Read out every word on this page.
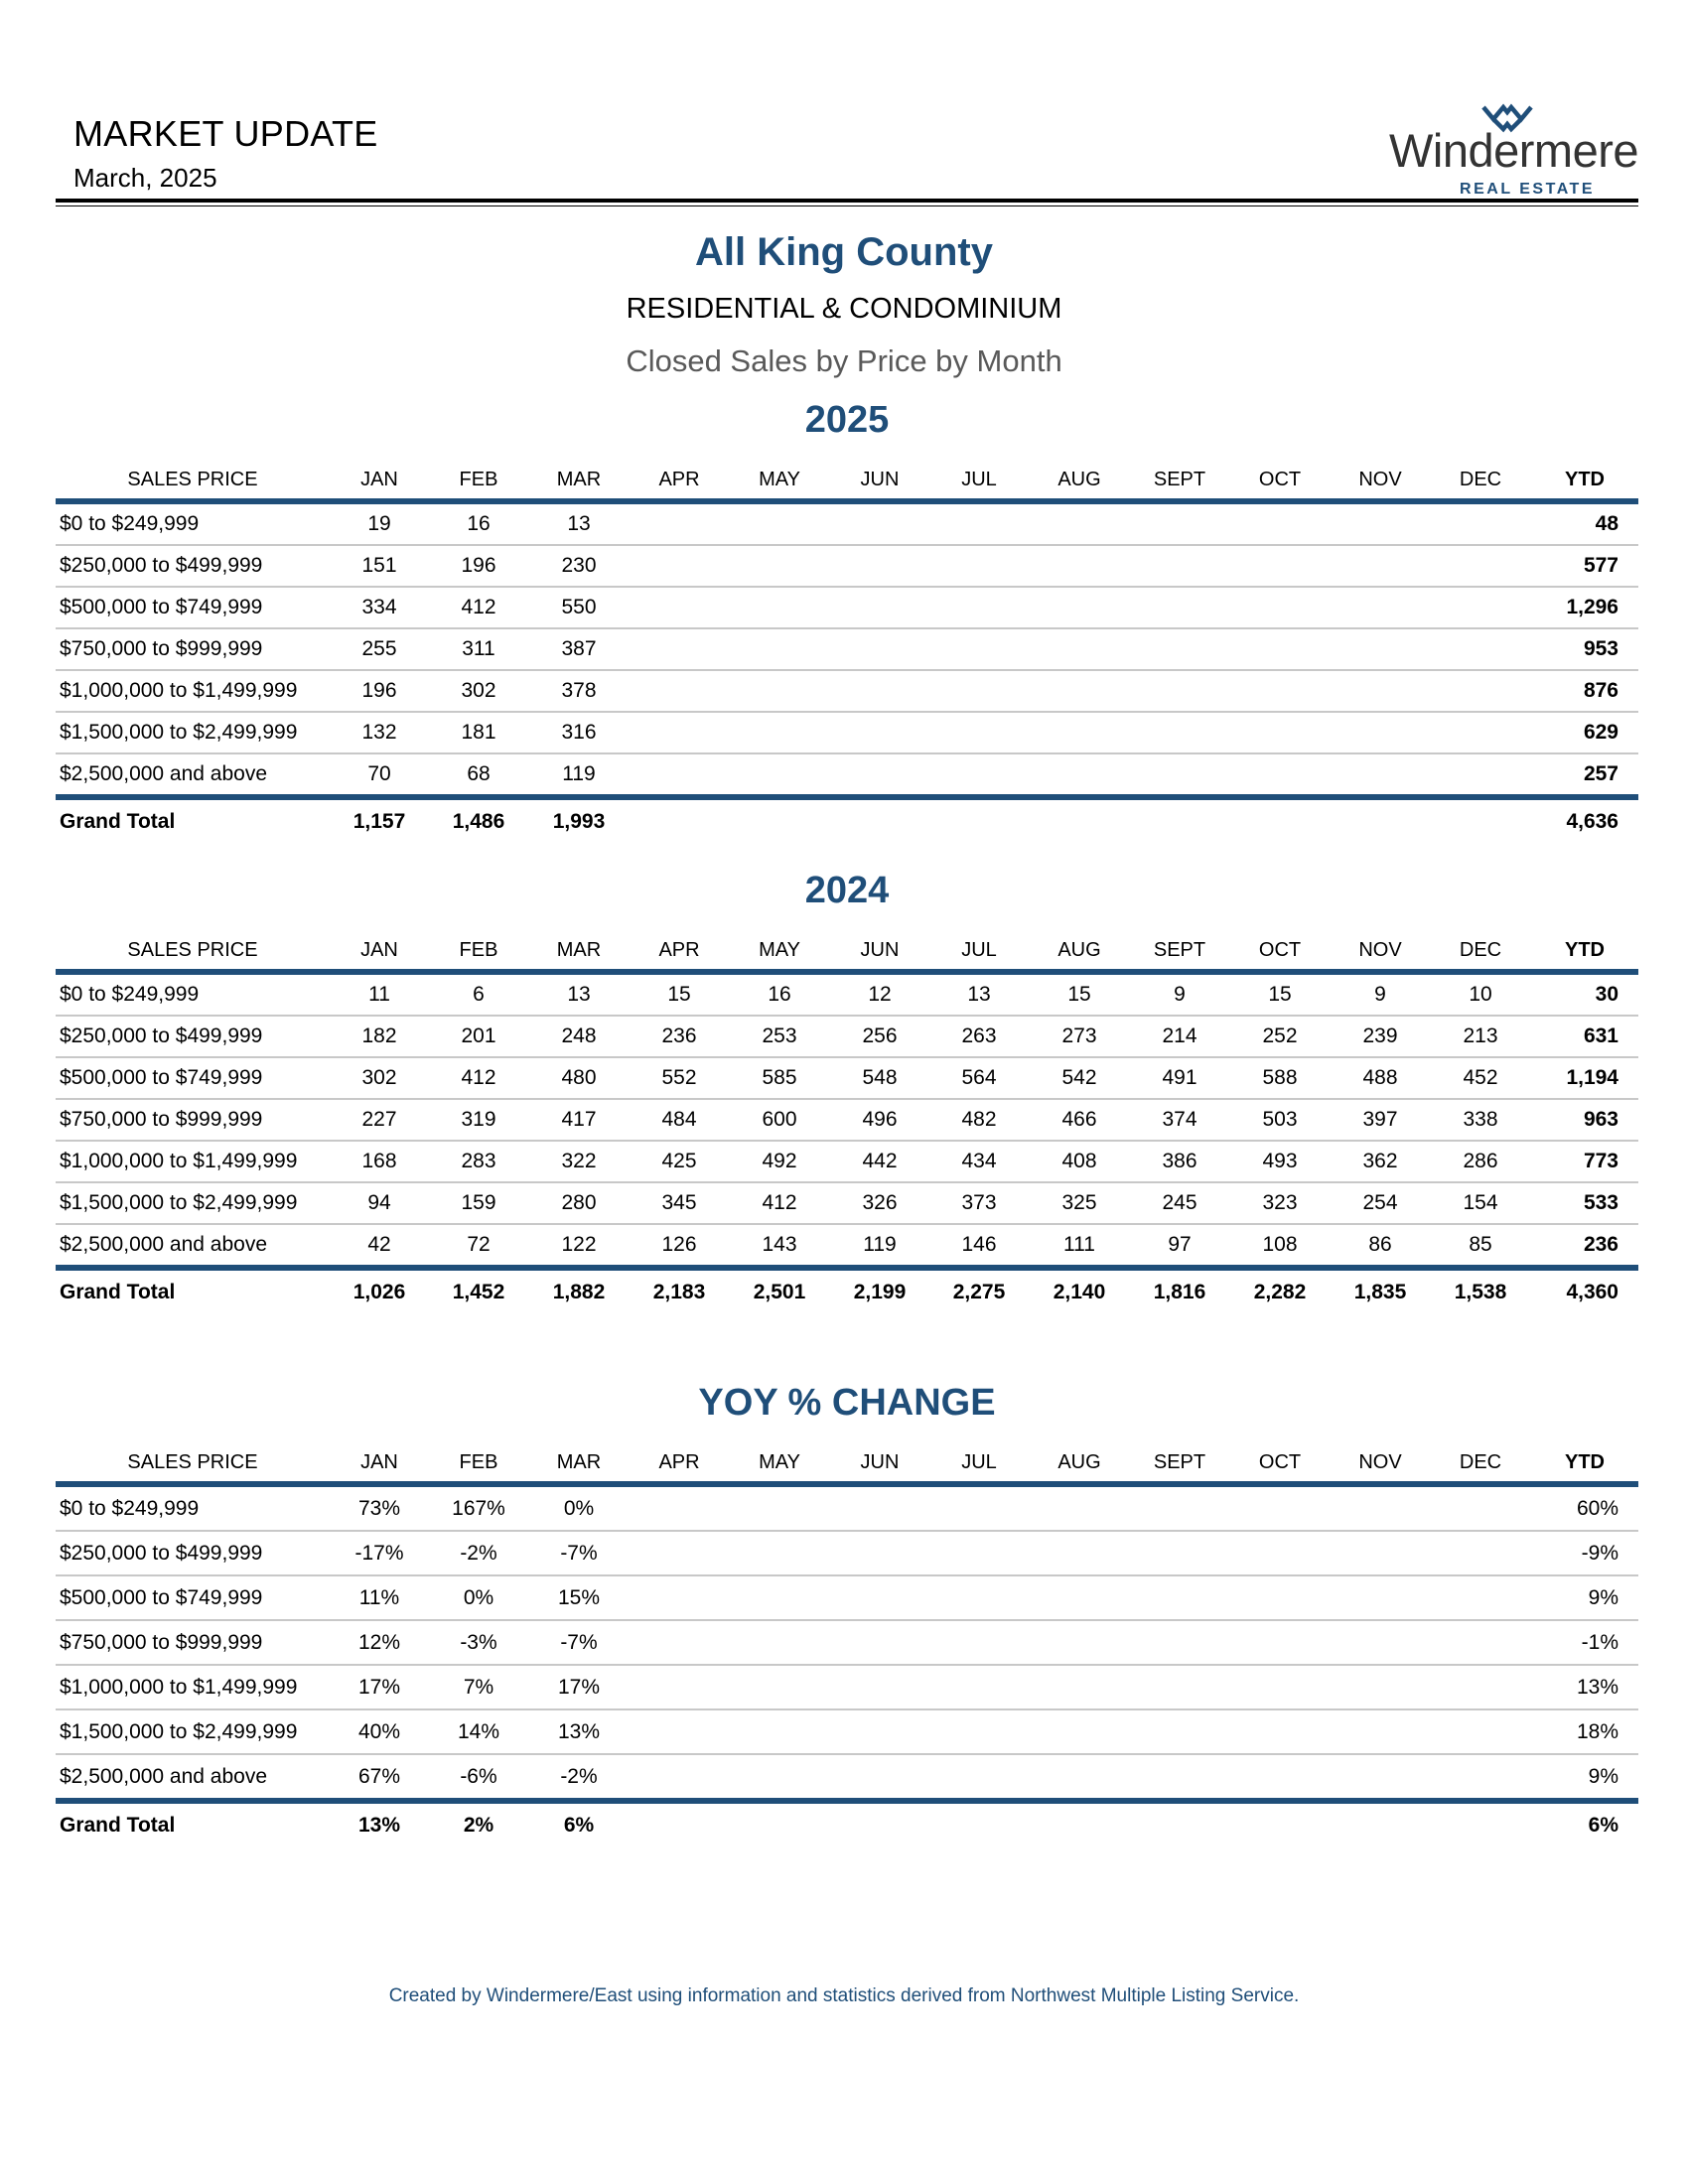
MARKET UPDATE
March, 2025
Windermere
REAL ESTATE
All King County
RESIDENTIAL & CONDOMINIUM
Closed Sales by Price by Month
2025
SALES PRICE	JAN	FEB	MAR	APR	MAY	JUN	JUL	AUG	SEPT	OCT	NOV	DEC	YTD
$0 to $249,999	19	16	13										48
$250,000 to $499,999	151	196	230										577
$500,000 to $749,999	334	412	550										1,296
$750,000 to $999,999	255	311	387										953
$1,000,000 to $1,499,999	196	302	378										876
$1,500,000 to $2,499,999	132	181	316										629
$2,500,000 and above	70	68	119										257
Grand Total	1,157	1,486	1,993										4,636
2024
SALES PRICE	JAN	FEB	MAR	APR	MAY	JUN	JUL	AUG	SEPT	OCT	NOV	DEC	YTD
$0 to $249,999	11	6	13	15	16	12	13	15	9	15	9	10	30
$250,000 to $499,999	182	201	248	236	253	256	263	273	214	252	239	213	631
$500,000 to $749,999	302	412	480	552	585	548	564	542	491	588	488	452	1,194
$750,000 to $999,999	227	319	417	484	600	496	482	466	374	503	397	338	963
$1,000,000 to $1,499,999	168	283	322	425	492	442	434	408	386	493	362	286	773
$1,500,000 to $2,499,999	94	159	280	345	412	326	373	325	245	323	254	154	533
$2,500,000 and above	42	72	122	126	143	119	146	111	97	108	86	85	236
Grand Total	1,026	1,452	1,882	2,183	2,501	2,199	2,275	2,140	1,816	2,282	1,835	1,538	4,360
YOY % CHANGE
SALES PRICE	JAN	FEB	MAR	APR	MAY	JUN	JUL	AUG	SEPT	OCT	NOV	DEC	YTD
$0 to $249,999	73%	167%	0%										60%
$250,000 to $499,999	-17%	-2%	-7%										-9%
$500,000 to $749,999	11%	0%	15%										9%
$750,000 to $999,999	12%	-3%	-7%										-1%
$1,000,000 to $1,499,999	17%	7%	17%										13%
$1,500,000 to $2,499,999	40%	14%	13%										18%
$2,500,000 and above	67%	-6%	-2%										9%
Grand Total	13%	2%	6%										6%
Created by Windermere/East using information and statistics derived from Northwest Multiple Listing Service.
